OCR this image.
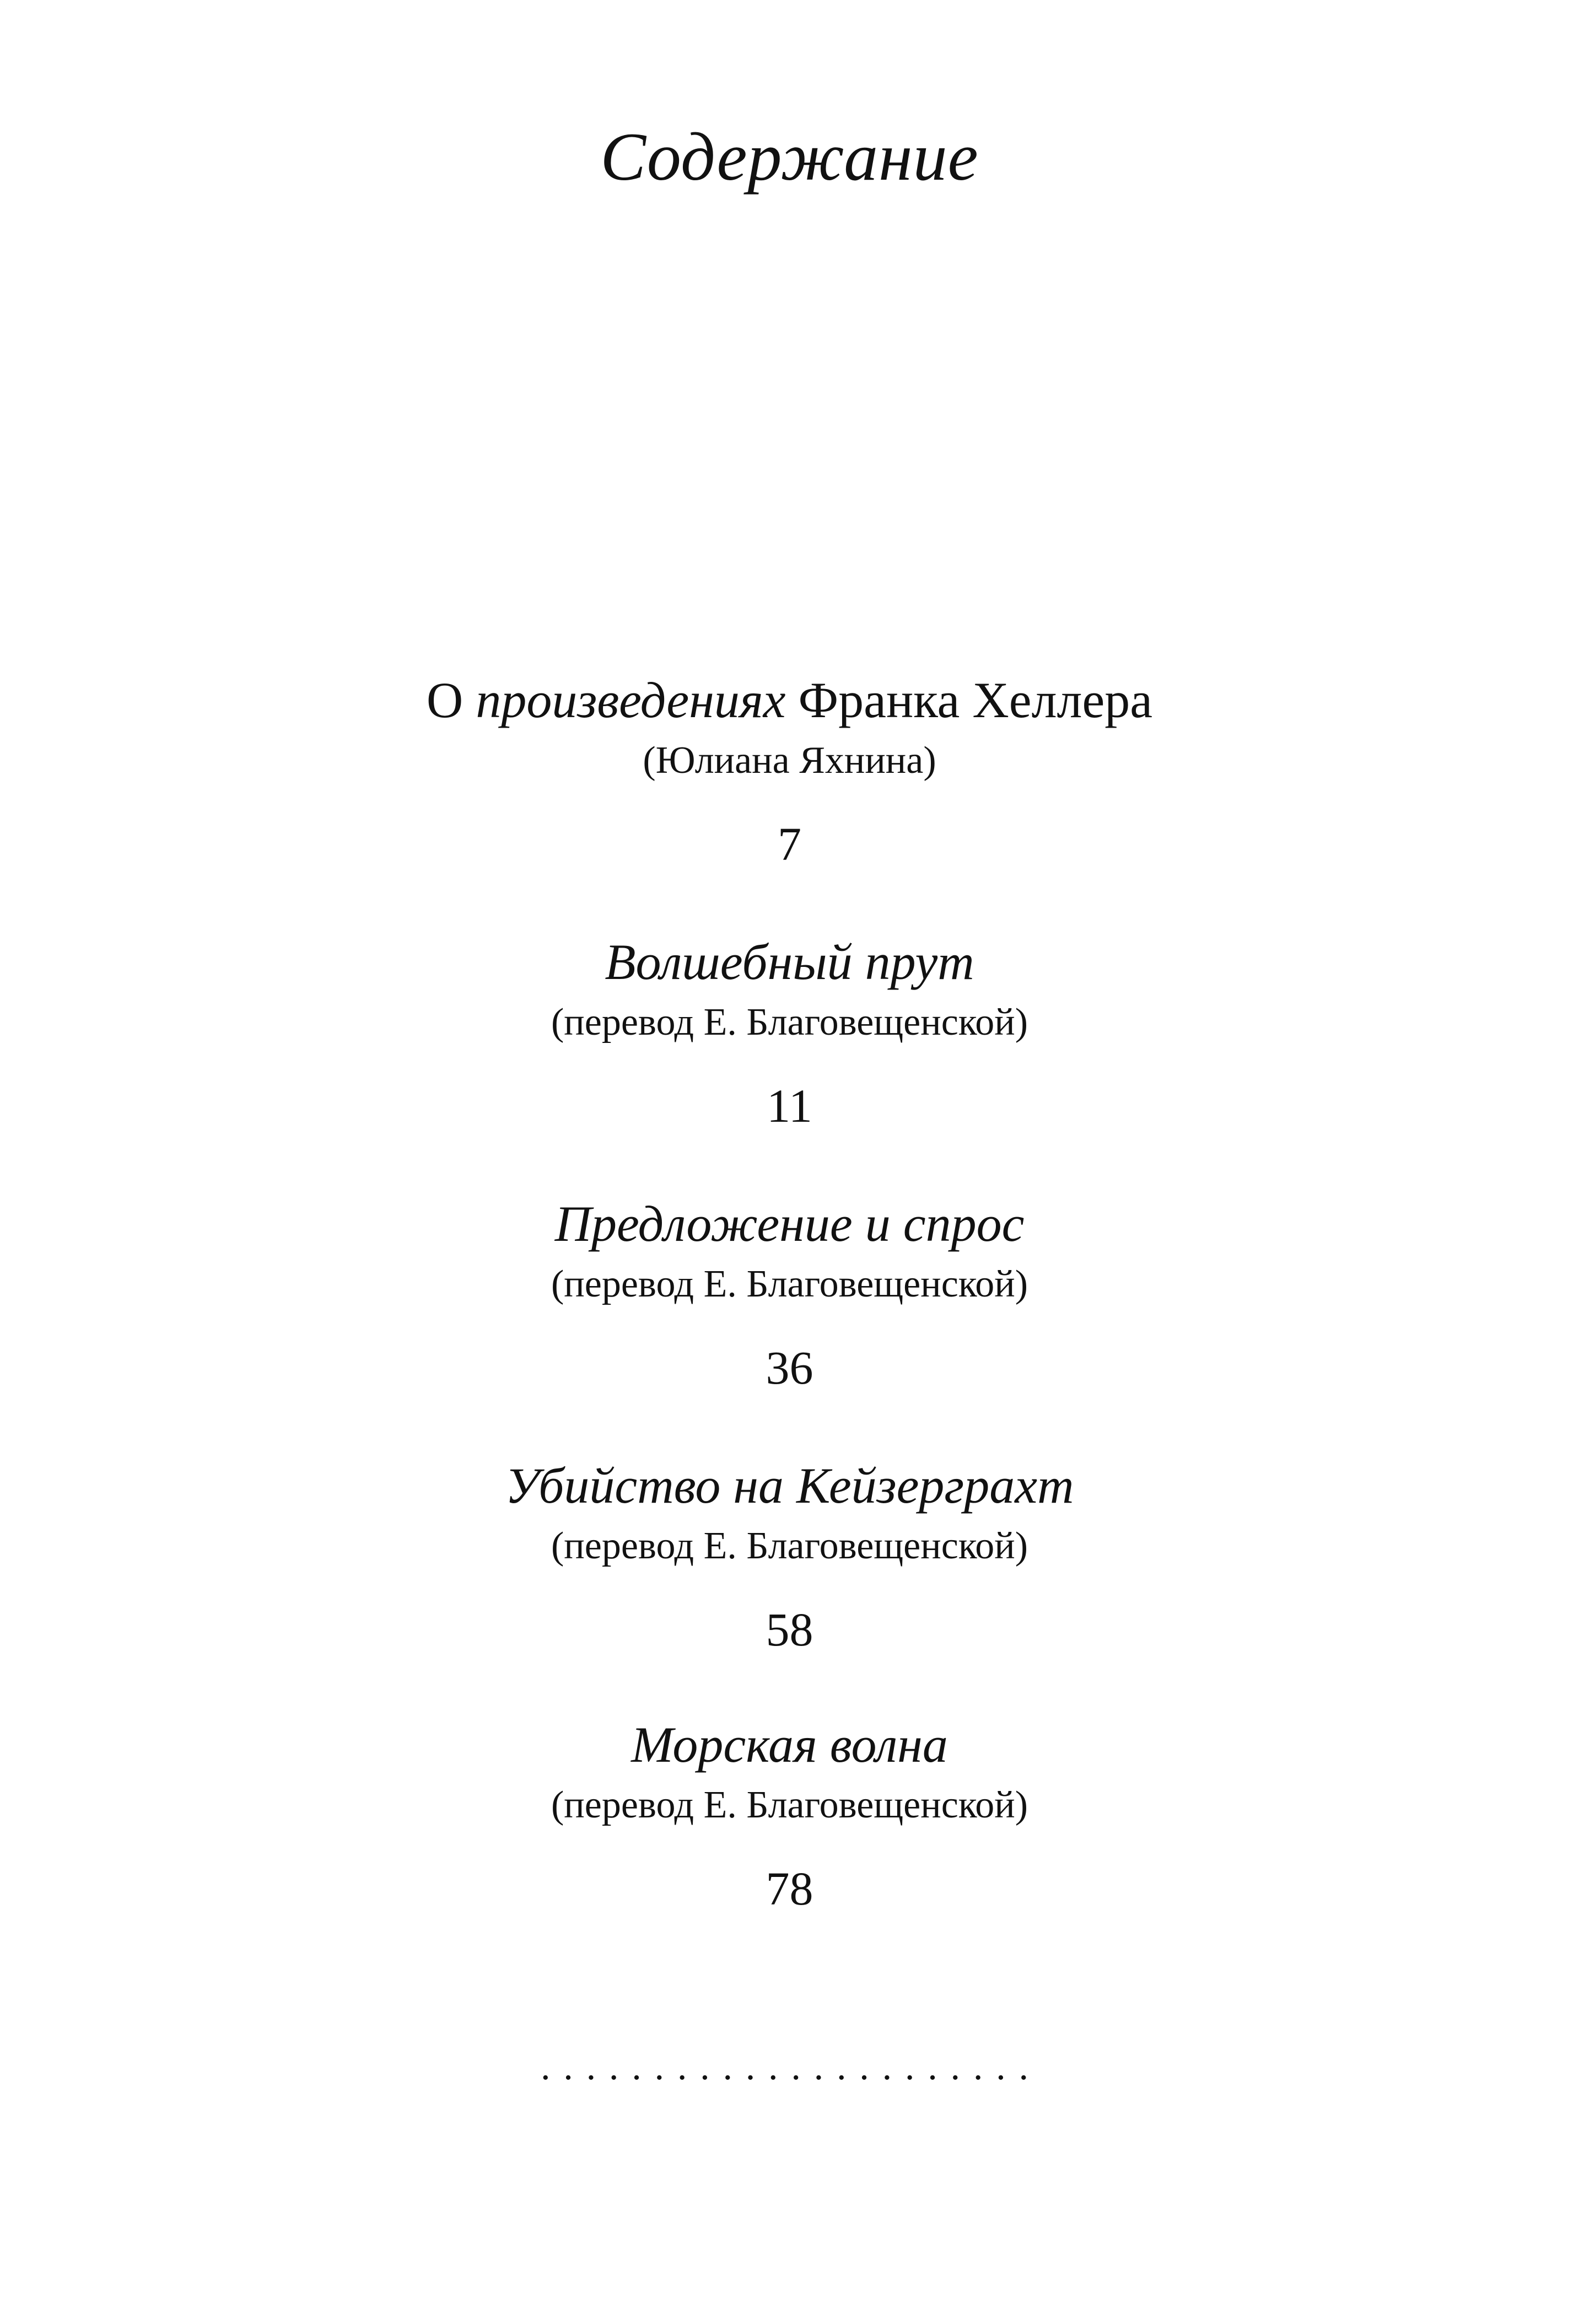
Содержание
О произведениях Франка Хеллера
(Юлиана Яхнина)
7
Волшебный прут
(перевод Е. Благовещенской)
11
Предложение и спрос
(перевод Е. Благовещенской)
36
Убийство на Кейзерграхт
(перевод Е. Благовещенской)
58
Морская волна
(перевод Е. Благовещенской)
78
······················
